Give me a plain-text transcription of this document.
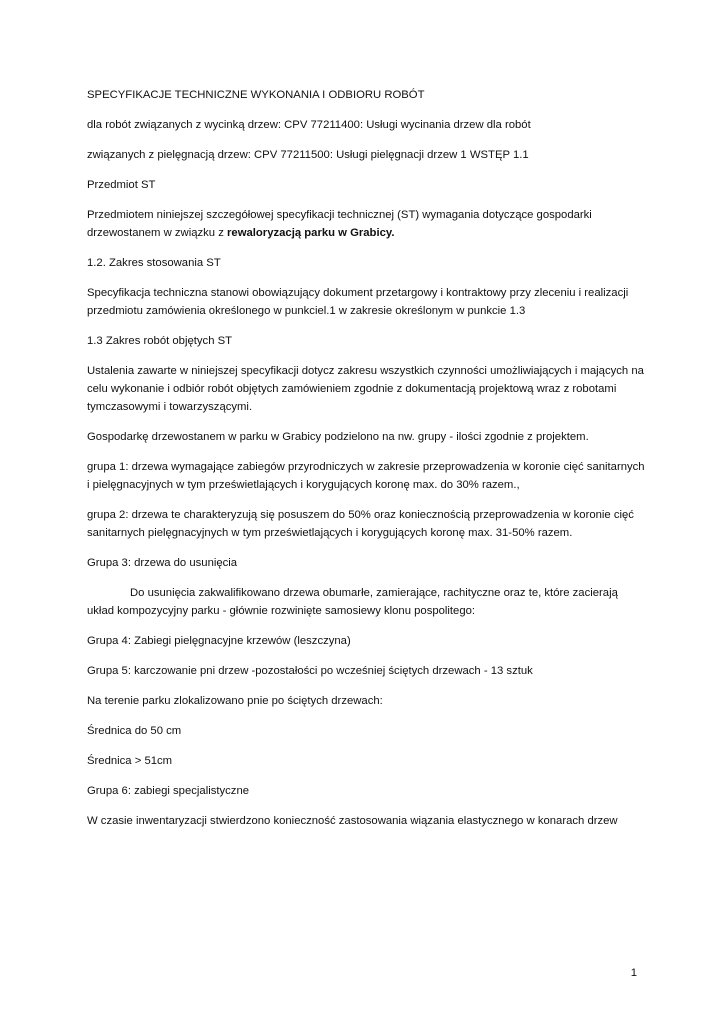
SPECYFIKACJE TECHNICZNE WYKONANIA I ODBIORU ROBÓT

dla robót związanych z wycinką drzew: CPV 77211400: Usługi wycinania drzew dla robót

związanych z pielęgnacją drzew: CPV 77211500: Usługi pielęgnacji drzew 1 WSTĘP 1.1

Przedmiot ST

Przedmiotem niniejszej szczegółowej specyfikacji technicznej (ST) wymagania dotyczące gospodarki drzewostanem w związku z rewaloryzacją parku w Grabicy.

1.2. Zakres stosowania ST

Specyfikacja techniczna stanowi obowiązujący dokument przetargowy i kontraktowy przy zleceniu i realizacji przedmiotu zamówienia określonego w punkciel.1 w zakresie określonym w punkcie 1.3

1.3 Zakres robót objętych ST

Ustalenia zawarte w niniejszej specyfikacji dotycz zakresu wszystkich czynności umożliwiających i mających na celu wykonanie i odbiór robót objętych zamówieniem zgodnie z dokumentacją projektową wraz z robotami tymczasowymi i towarzyszącymi.

Gospodarkę drzewostanem w parku w Grabicy podzielono na nw. grupy - ilości zgodnie z projektem.

grupa 1: drzewa wymagające zabiegów przyrodniczych w zakresie przeprowadzenia w koronie cięć sanitarnych i pielęgnacyjnych w tym prześwietlających i korygujących koronę max. do 30% razem.,

grupa 2: drzewa te charakteryzują się posuszem do 50% oraz koniecznością przeprowadzenia w koronie cięć sanitarnych pielęgnacyjnych w tym prześwietlających i korygujących koronę max. 31-50% razem.

Grupa 3: drzewa do usunięcia

Do usunięcia zakwalifikowano drzewa obumarłe, zamierające, rachityczne oraz te, które zacierają układ kompozycyjny parku - głównie rozwinięte samosiewy klonu pospolitego:

Grupa 4: Zabiegi pielęgnacyjne krzewów (leszczyna)

Grupa 5: karczowanie pni drzew -pozostałości po wcześniej ściętych drzewach - 13 sztuk

Na terenie parku zlokalizowano pnie po ściętych drzewach:

Średnica do 50 cm

Średnica > 51cm

Grupa 6: zabiegi specjalistyczne

W czasie inwentaryzacji stwierdzono konieczność zastosowania wiązania elastycznego w konarach drzew

1
